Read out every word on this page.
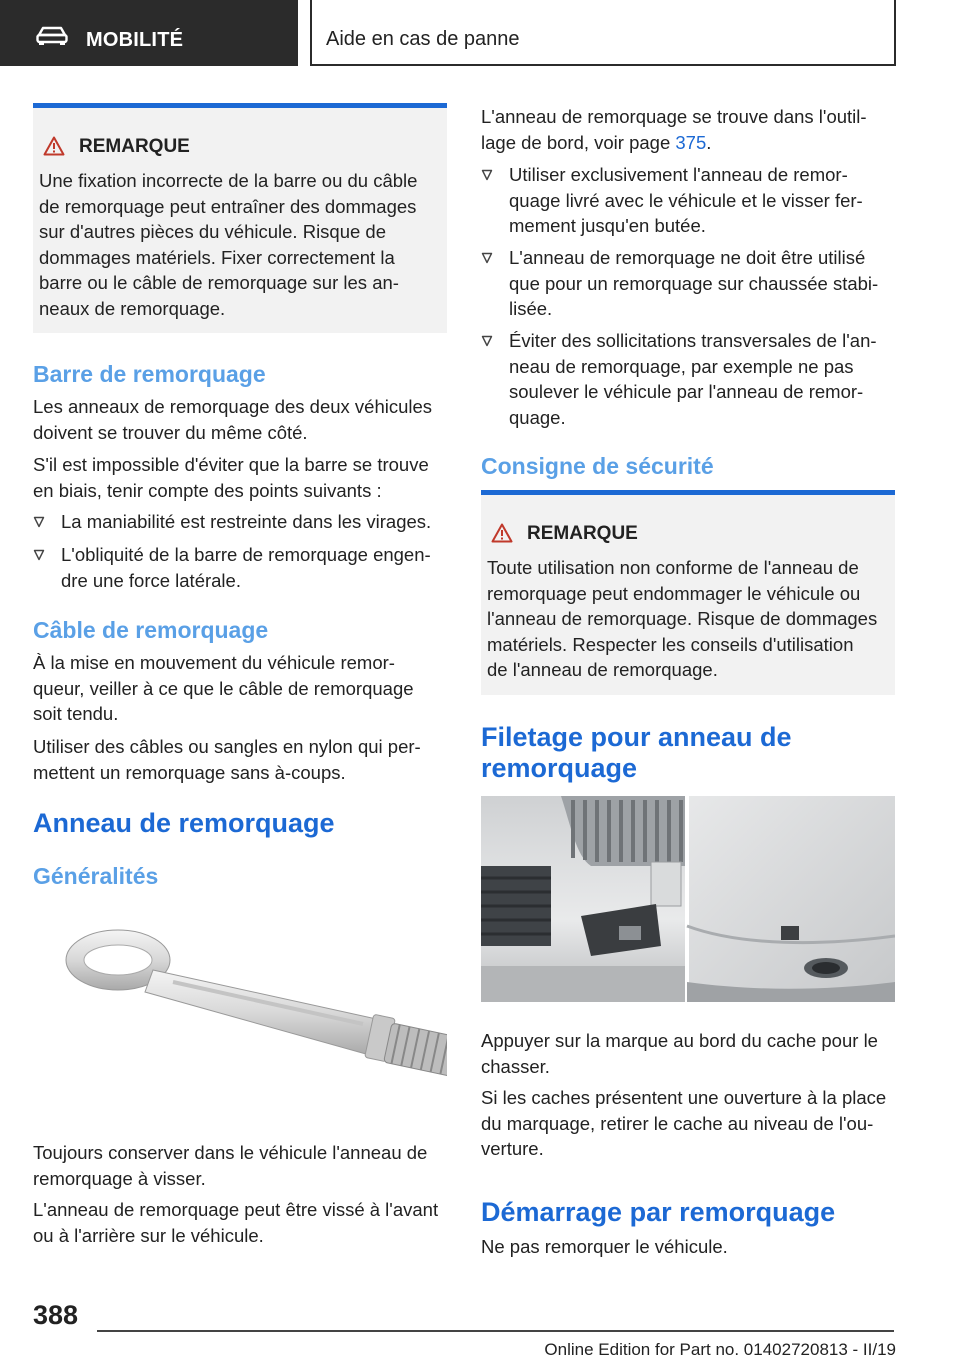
MOBILITÉ	Aide en cas de panne
REMARQUE

Une fixation incorrecte de la barre ou du câble

de remorquage peut entraîner des dommages

sur d'autres pièces du véhicule. Risque de

dommages matériels. Fixer correctement la

barre ou le câble de remorquage sur les an‐

neaux de remorquage.

Barre de remorquage
Les anneaux de remorquage des deux véhicules
doivent se trouver du même côté.
S'il est impossible d'éviter que la barre se trouve
en biais, tenir compte des points suivants :
La maniabilité est restreinte dans les virages.
L'obliquité de la barre de remorquage engen‐
dre une force latérale.
Câble de remorquage
À la mise en mouvement du véhicule remor‐
queur, veiller à ce que le câble de remorquage
soit tendu.
Utiliser des câbles ou sangles en nylon qui per‐
mettent un remorquage sans à-coups.
Anneau de remorquage
Généralités
Toujours conserver dans le véhicule l'anneau de
remorquage à visser.
L'anneau de remorquage peut être vissé à l'avant
ou à l'arrière sur le véhicule.
L'anneau de remorquage se trouve dans l'outil‐
lage de bord, voir page 375.
Utiliser exclusivement l'anneau de remor‐
quage livré avec le véhicule et le visser fer‐
mement jusqu'en butée.
L'anneau de remorquage ne doit être utilisé
que pour un remorquage sur chaussée stabi‐
lisée.
Éviter des sollicitations transversales de l'an‐
neau de remorquage, par exemple ne pas
soulever le véhicule par l'anneau de remor‐
quage.
Consigne de sécurité
REMARQUE

Toute utilisation non conforme de l'anneau de

remorquage peut endommager le véhicule ou

l'anneau de remorquage. Risque de dommages

matériels. Respecter les conseils d'utilisation

de l'anneau de remorquage.

Filetage pour anneau de
remorquage
Appuyer sur la marque au bord du cache pour le
chasser.
Si les caches présentent une ouverture à la place
du marquage, retirer le cache au niveau de l'ou‐
verture.
Démarrage par remorquage
Ne pas remorquer le véhicule.
388
Online Edition for Part no. 01402720813 - II/19
